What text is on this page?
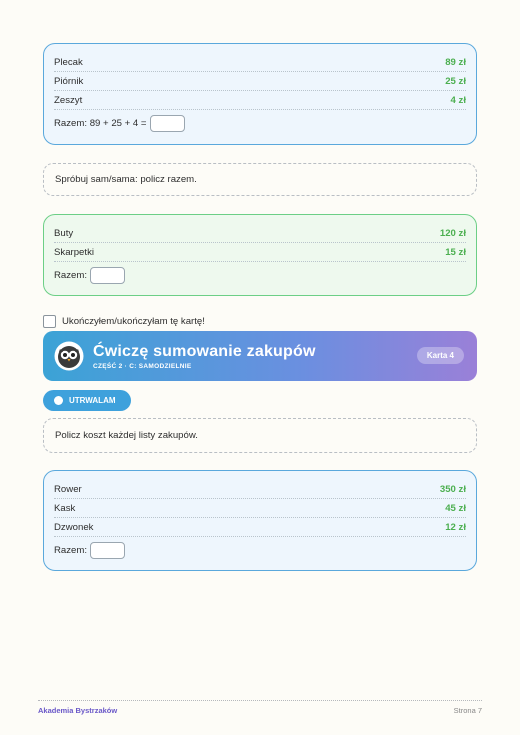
Plecak	89 zł
Piórnik	25 zł
Zeszyt	4 zł
Razem: 89 + 25 + 4 =
Spróbuj sam/sama: policz razem.
Buty	120 zł
Skarpetki	15 zł
Razem:
Ukończyłem/ukończyłam tę kartę!
Ćwiczę sumowanie zakupów
CZĘŚĆ 2 · C: SAMODZIELNIE
Karta 4
UTRWALAM
Policz koszt każdej listy zakupów.
Rower	350 zł
Kask	45 zł
Dzwonek	12 zł
Razem:
Akademia Bystrzaków	Strona 7
